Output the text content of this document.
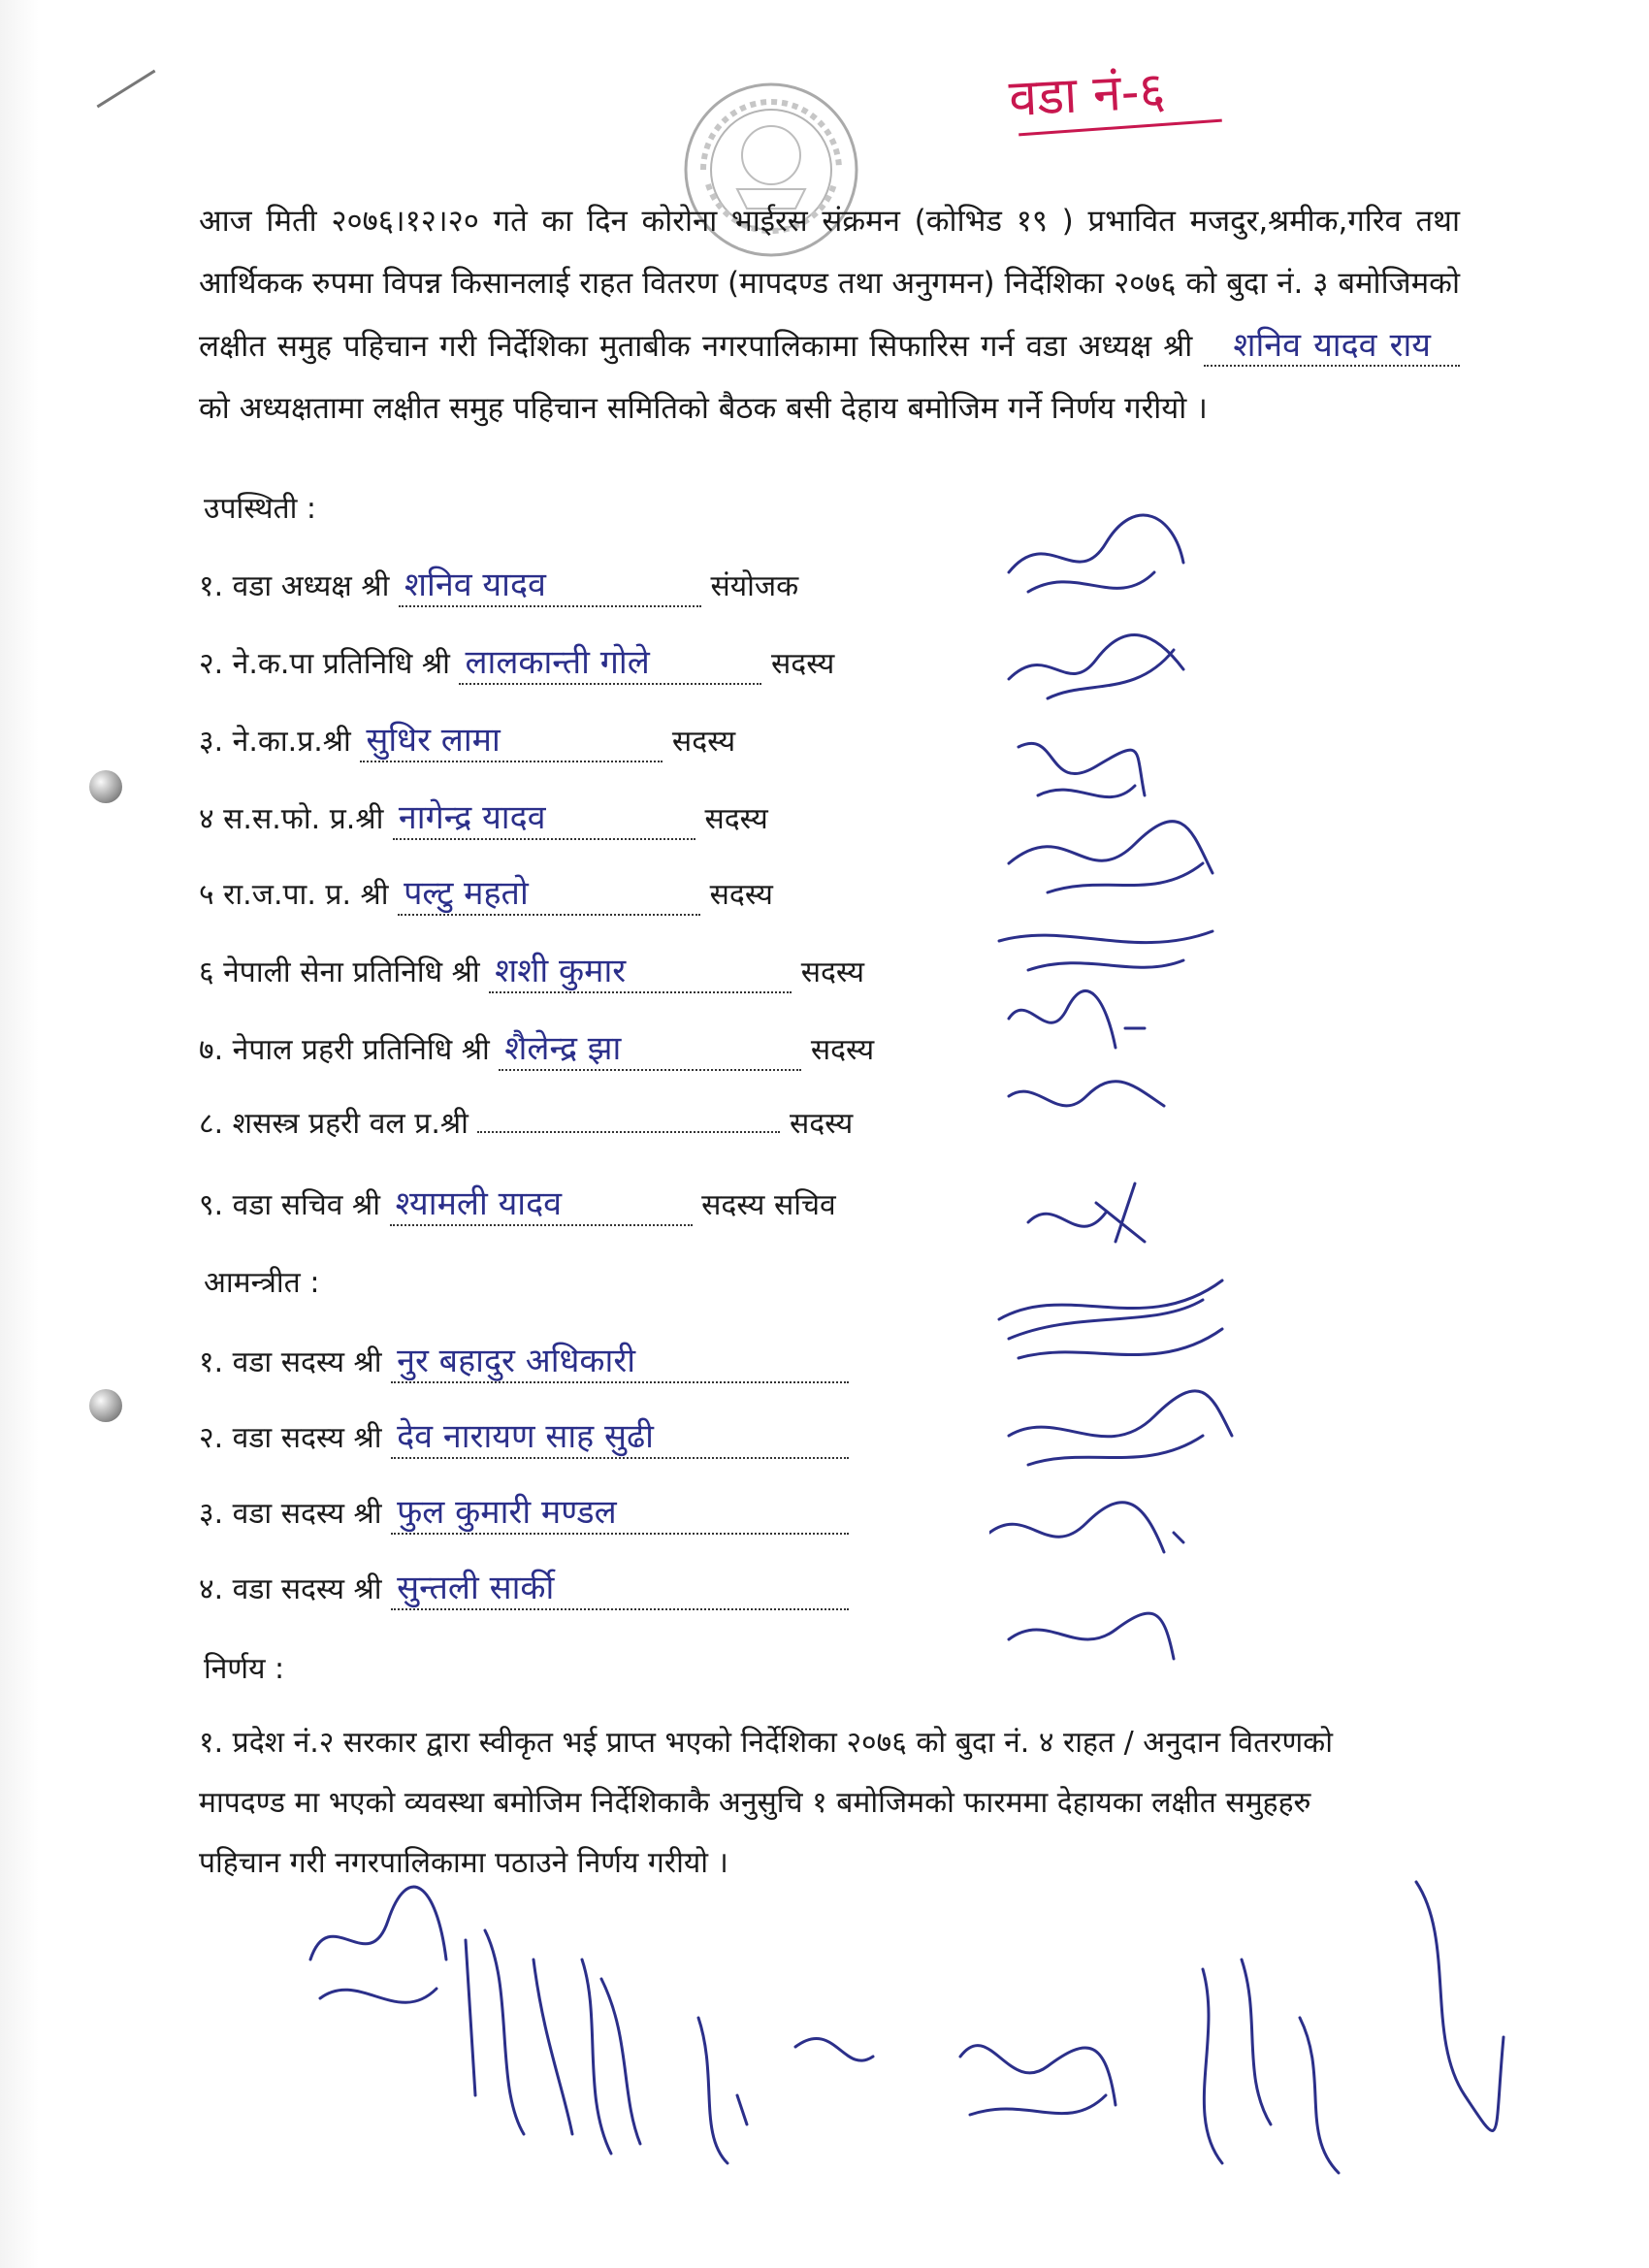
वडा नं-६
आज मिती २०७६।१२।२० गते का दिन कोरोना भाईरस संक्रमन (कोभिड १९ ) प्रभावित मजदुर,श्रमीक,गरिव तथा आर्थिकक रुपमा विपन्न किसानलाई राहत वितरण (मापदण्ड तथा अनुगमन) निर्देशिका २०७६ को बुदा नं. ३ बमोजिमको लक्षीत समुह पहिचान गरी निर्देशिका मुताबीक नगरपालिकामा सिफारिस गर्न वडा अध्यक्ष श्री शनिव यादव राय को अध्यक्षतामा लक्षीत समुह पहिचान समितिको बैठक बसी देहाय बमोजिम गर्ने निर्णय गरीयो ।
उपस्थिती :
१. वडा अध्यक्ष श्री शनिव यादव	संयोजक
२. ने.क.पा प्रतिनिधि श्री लालकान्ती गोले	सदस्य
३. ने.का.प्र.श्री सुधिर लामा	सदस्य
४ स.स.फो. प्र.श्री नागेन्द्र यादव	सदस्य
५ रा.ज.पा. प्र. श्री पल्टु महतो	सदस्य
६ नेपाली सेना प्रतिनिधि श्री शशी कुमार	सदस्य
७. नेपाल प्रहरी प्रतिनिधि श्री शैलेन्द्र झा	सदस्य
८. शसस्त्र प्रहरी वल प्र.श्री	सदस्य
९. वडा सचिव श्री श्यामली यादव	सदस्य सचिव
आमन्त्रीत :
१. वडा सदस्य श्री नुर बहादुर अधिकारी
२. वडा सदस्य श्री देव नारायण साह सुढी
३. वडा सदस्य श्री फुल कुमारी मण्डल
४. वडा सदस्य श्री सुन्तली सार्की
निर्णय :
१. प्रदेश नं.२ सरकार द्वारा स्वीकृत भई प्राप्त भएको निर्देशिका २०७६ को बुदा नं. ४ राहत / अनुदान वितरणको मापदण्ड मा भएको व्यवस्था बमोजिम निर्देशिकाकै अनुसुचि १ बमोजिमको फारममा देहायका लक्षीत समुहहरु पहिचान गरी नगरपालिकामा पठाउने निर्णय गरीयो ।
